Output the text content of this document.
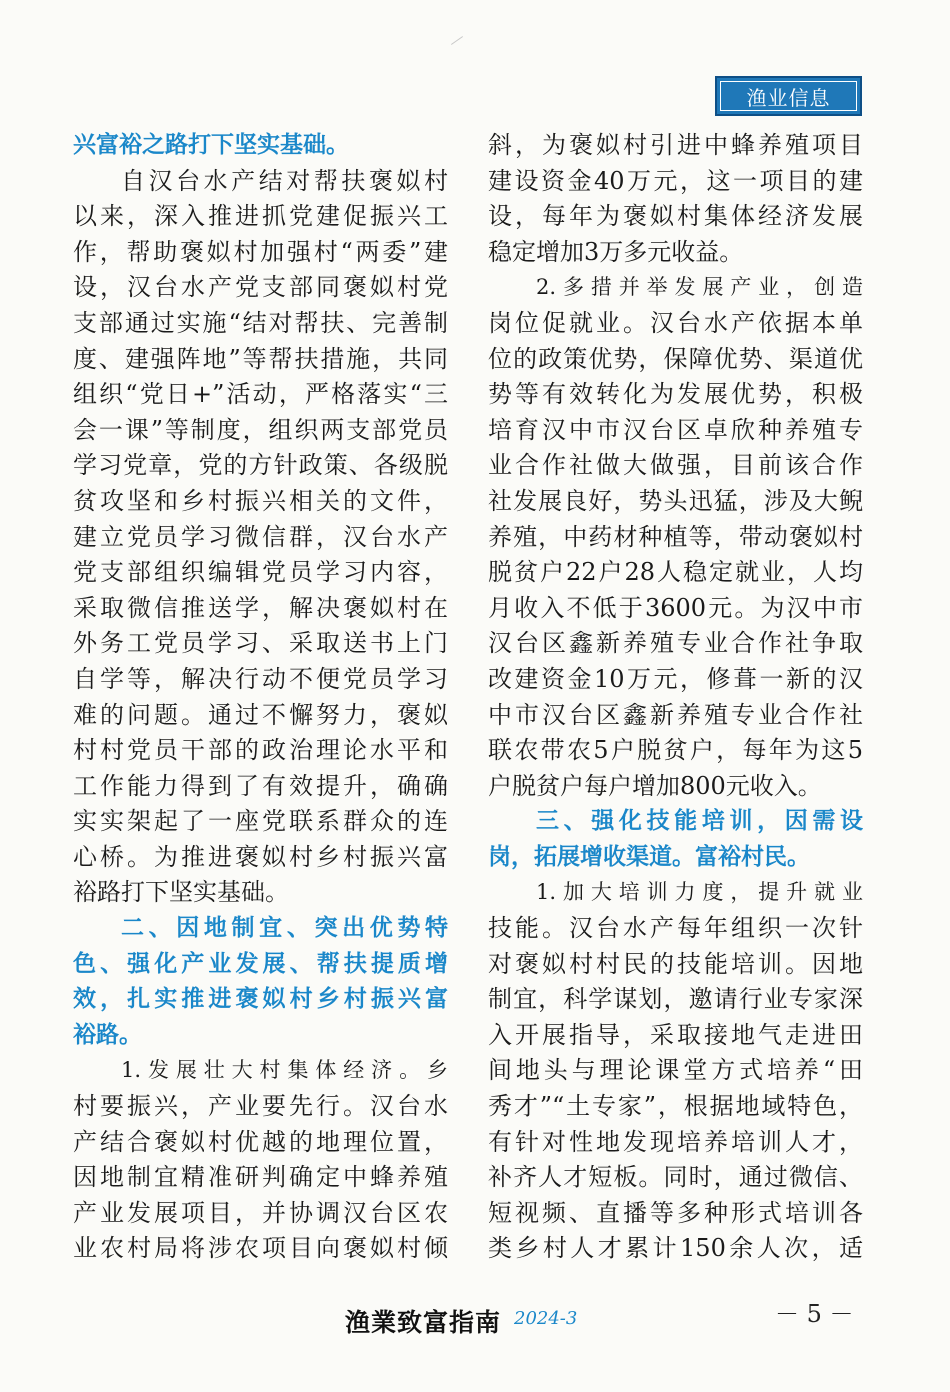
渔业信息
兴富裕之路打下坚实基础。
自汉台水产结对帮扶褒姒村
以来，深入推进抓党建促振兴工
作，帮助褒姒村加强村“两委”建
设，汉台水产党支部同褒姒村党
支部通过实施“结对帮扶、完善制
度、建强阵地”等帮扶措施，共同
组织“党日+”活动，严格落实“三
会一课”等制度，组织两支部党员
学习党章，党的方针政策、各级脱
贫攻坚和乡村振兴相关的文件，
建立党员学习微信群，汉台水产
党支部组织编辑党员学习内容，
采取微信推送学，解决褒姒村在
外务工党员学习、采取送书上门
自学等，解决行动不便党员学习
难的问题。通过不懈努力，褒姒
村村党员干部的政治理论水平和
工作能力得到了有效提升，确确
实实架起了一座党联系群众的连
心桥。为推进褒姒村乡村振兴富
裕路打下坚实基础。
二、因地制宜、突出优势特
色、强化产业发展、帮扶提质增
效，扎实推进褒姒村乡村振兴富
裕路。
1.发展壮大村集体经济。乡
村要振兴，产业要先行。汉台水
产结合褒姒村优越的地理位置，
因地制宜精准研判确定中蜂养殖
产业发展项目，并协调汉台区农
业农村局将涉农项目向褒姒村倾
斜，为褒姒村引进中蜂养殖项目
建设资金40万元，这一项目的建
设，每年为褒姒村集体经济发展
稳定增加3万多元收益。
2.多措并举发展产业，创造
岗位促就业。汉台水产依据本单
位的政策优势，保障优势、渠道优
势等有效转化为发展优势，积极
培育汉中市汉台区卓欣种养殖专
业合作社做大做强，目前该合作
社发展良好，势头迅猛，涉及大鲵
养殖，中药材种植等，带动褒姒村
脱贫户22户28人稳定就业，人均
月收入不低于3600元。为汉中市
汉台区鑫新养殖专业合作社争取
改建资金10万元，修葺一新的汉
中市汉台区鑫新养殖专业合作社
联农带农5户脱贫户，每年为这5
户脱贫户每户增加800元收入。
三、强化技能培训，因需设
岗，拓展增收渠道。富裕村民。
1.加大培训力度，提升就业
技能。汉台水产每年组织一次针
对褒姒村村民的技能培训。因地
制宜，科学谋划，邀请行业专家深
入开展指导，采取接地气走进田
间地头与理论课堂方式培养“田
秀才”“土专家”，根据地域特色，
有针对性地发现培养培训人才，
补齐人才短板。同时，通过微信、
短视频、直播等多种形式培训各
类乡村人才累计150余人次，适
渔業致富指南 2024-3	－ 5 －
